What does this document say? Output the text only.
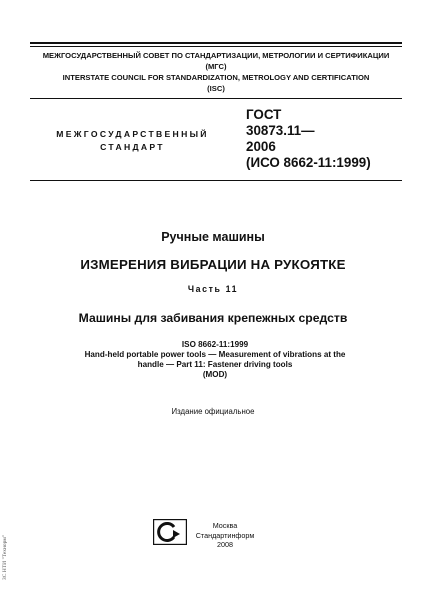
МЕЖГОСУДАРСТВЕННЫЙ СОВЕТ ПО СТАНДАРТИЗАЦИИ, МЕТРОЛОГИИ И СЕРТИФИКАЦИИ
(МГС)
INTERSTATE COUNCIL FOR STANDARDIZATION, METROLOGY AND CERTIFICATION
(ISC)
МЕЖГОСУДАРСТВЕННЫЙ
СТАНДАРТ
ГОСТ
30873.11—
2006
(ИСО 8662-11:1999)
Ручные машины
ИЗМЕРЕНИЯ ВИБРАЦИИ НА РУКОЯТКЕ
Часть 11
Машины для забивания крепежных средств
ISO 8662-11:1999
Hand-held portable power tools — Measurement of vibrations at the
handle — Part 11: Fastener driving tools
(MOD)
Издание официальное
Москва
Стандартинформ
2008
ЗС НТИ "Технорм"
